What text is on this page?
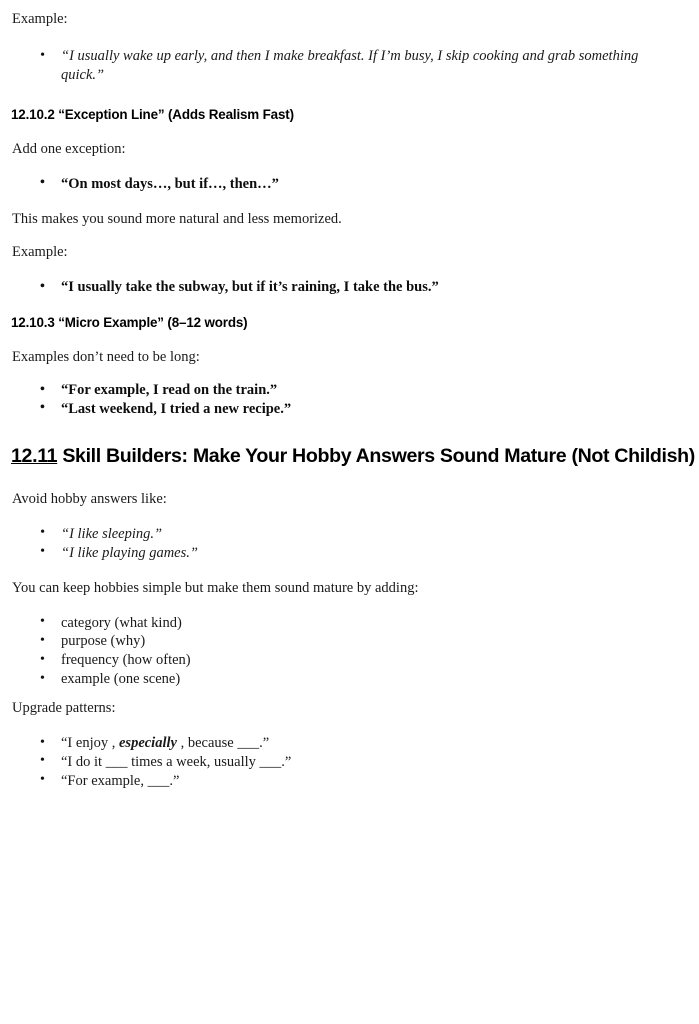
Example:

• “I usually wake up early, and then I make breakfast. If I’m busy, I skip cooking and grab something quick.”
12.10.2 “Exception Line” (Adds Realism Fast)

Add one exception:

• “On most days…, but if…, then…”

This makes you sound more natural and less memorized.

Example:

• “I usually take the subway, but if it’s raining, I take the bus.”
12.10.3 “Micro Example” (8–12 words)

Examples don’t need to be long:

• “For example, I read on the train.”
• “Last weekend, I tried a new recipe.”
12.11 Skill Builders: Make Your Hobby Answers Sound Mature (Not Childish)

Avoid hobby answers like:

• “I like sleeping.”
• “I like playing games.”

You can keep hobbies simple but make them sound mature by adding:

• category (what kind)
• purpose (why)
• frequency (how often)
• example (one scene)

Upgrade patterns:

• “I enjoy , especially , because ___.”
• “I do it ___ times a week, usually ___.”
• “For example, ___.”
